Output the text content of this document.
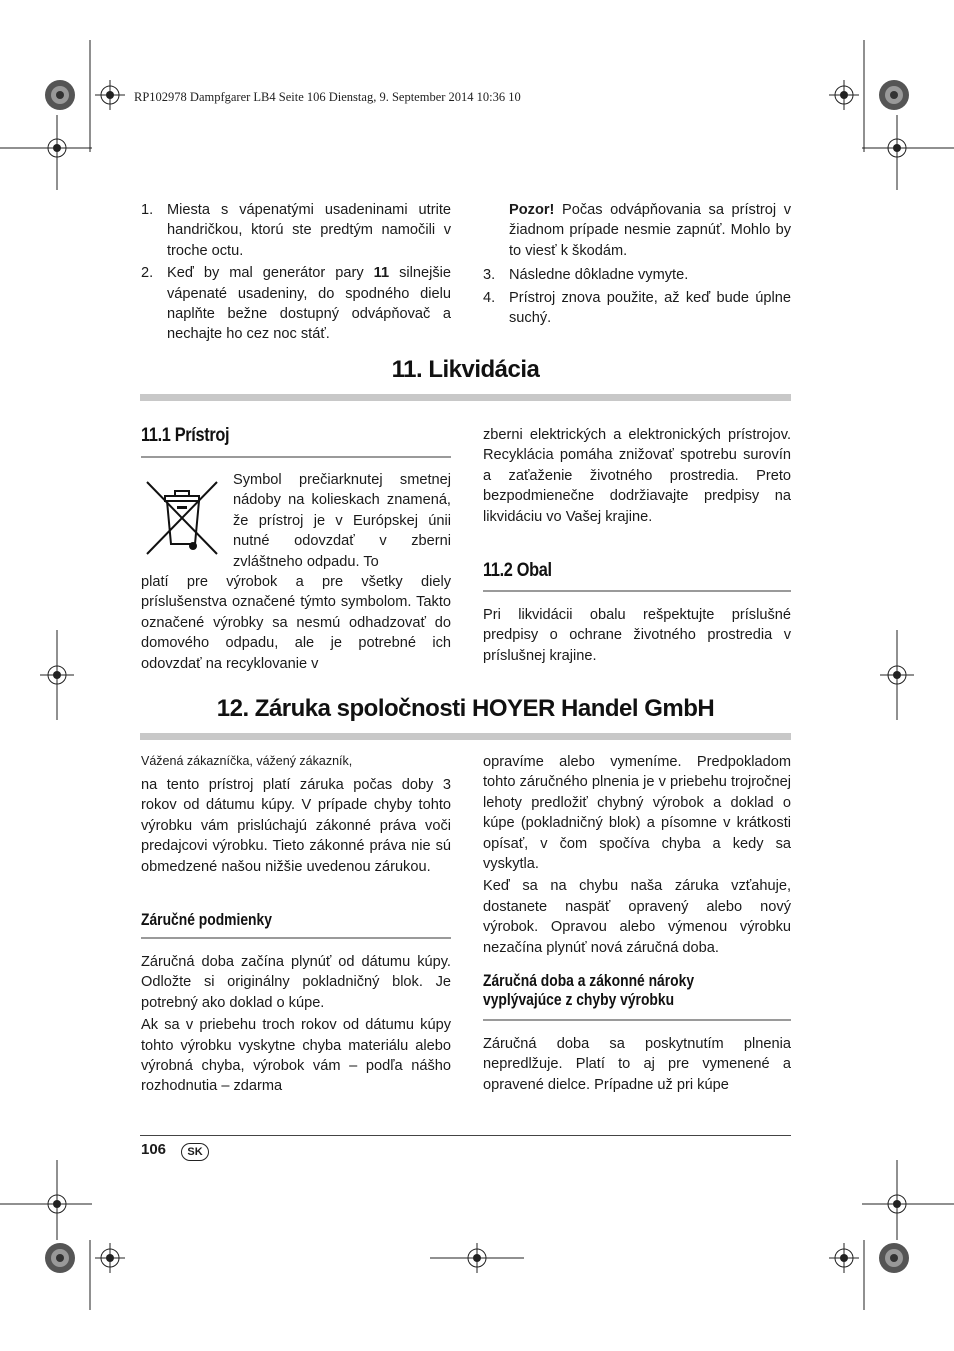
RP102978 Dampfgarer LB4 Seite 106 Dienstag, 9. September 2014 10:36 10
1. Miesta s vápenatými usadeninami utrite handričkou, ktorú ste predtým namočili v troche octu.
2. Keď by mal generátor pary 11 silnejšie vápenaté usadeniny, do spodného dielu naplňte bežne dostupný odvápňovač a nechajte ho cez noc stáť.

Pozor! Počas odvápňovania sa prístroj v žiadnom prípade nesmie zapnúť. Mohlo by to viesť k škodám.

3. Následne dôkladne vymyte.
4. Prístroj znova použite, až keď bude úplne suchý.
11. Likvidácia
11.1 Prístroj

Symbol prečiarknutej smetnej nádoby na kolieskach znamená, že prístroj je v Európskej únii nutné odovzdať v zberni zvláštneho odpadu. To

platí pre výrobok a pre všetky diely príslušenstva označené týmto symbolom. Takto označené výrobky sa nesmú odhadzovať do domového odpadu, ale je potrebné ich odovzdať na recyklovanie v

zberni elektrických a elektronických prístrojov. Recyklácia pomáha znižovať spotrebu surovín a zaťaženie životného prostredia. Preto bezpodmienečne dodržiavajte predpisy na likvidáciu vo Vašej krajine.

11.2 Obal

Pri likvidácii obalu rešpektujte príslušné predpisy o ochrane životného prostredia v príslušnej krajine.

12. Záruka spoločnosti HOYER Handel GmbH

Vážená zákazníčka, vážený zákazník,

na tento prístroj platí záruka počas doby 3 rokov od dátumu kúpy. V prípade chyby tohto výrobku vám prislúchajú zákonné práva voči predajcovi výrobku. Tieto zákonné práva nie sú obmedzené našou nižšie uvedenou zárukou.

Záručné podmienky

Záručná doba začína plynúť od dátumu kúpy. Odložte si originálny pokladničný blok. Je potrebný ako doklad o kúpe.

Ak sa v priebehu troch rokov od dátumu kúpy tohto výrobku vyskytne chyba materiálu alebo výrobná chyba, výrobok vám – podľa nášho rozhodnutia – zdarma

opravíme alebo vymeníme. Predpokladom tohto záručného plnenia je v priebehu trojročnej lehoty predložiť chybný výrobok a doklad o kúpe (pokladničný blok) a písomne v krátkosti opísať, v čom spočíva chyba a kedy sa vyskytla.

Keď sa na chybu naša záruka vzťahuje, dostanete naspäť opravený alebo nový výrobok. Opravou alebo výmenou výrobku nezačína plynúť nová záručná doba.

Záručná doba a zákonné nároky
vyplývajúce z chyby výrobku

Záručná doba sa poskytnutím plnenia nepredlžuje. Platí to aj pre vymenené a opravené dielce. Prípadne už pri kúpe

106	SK
